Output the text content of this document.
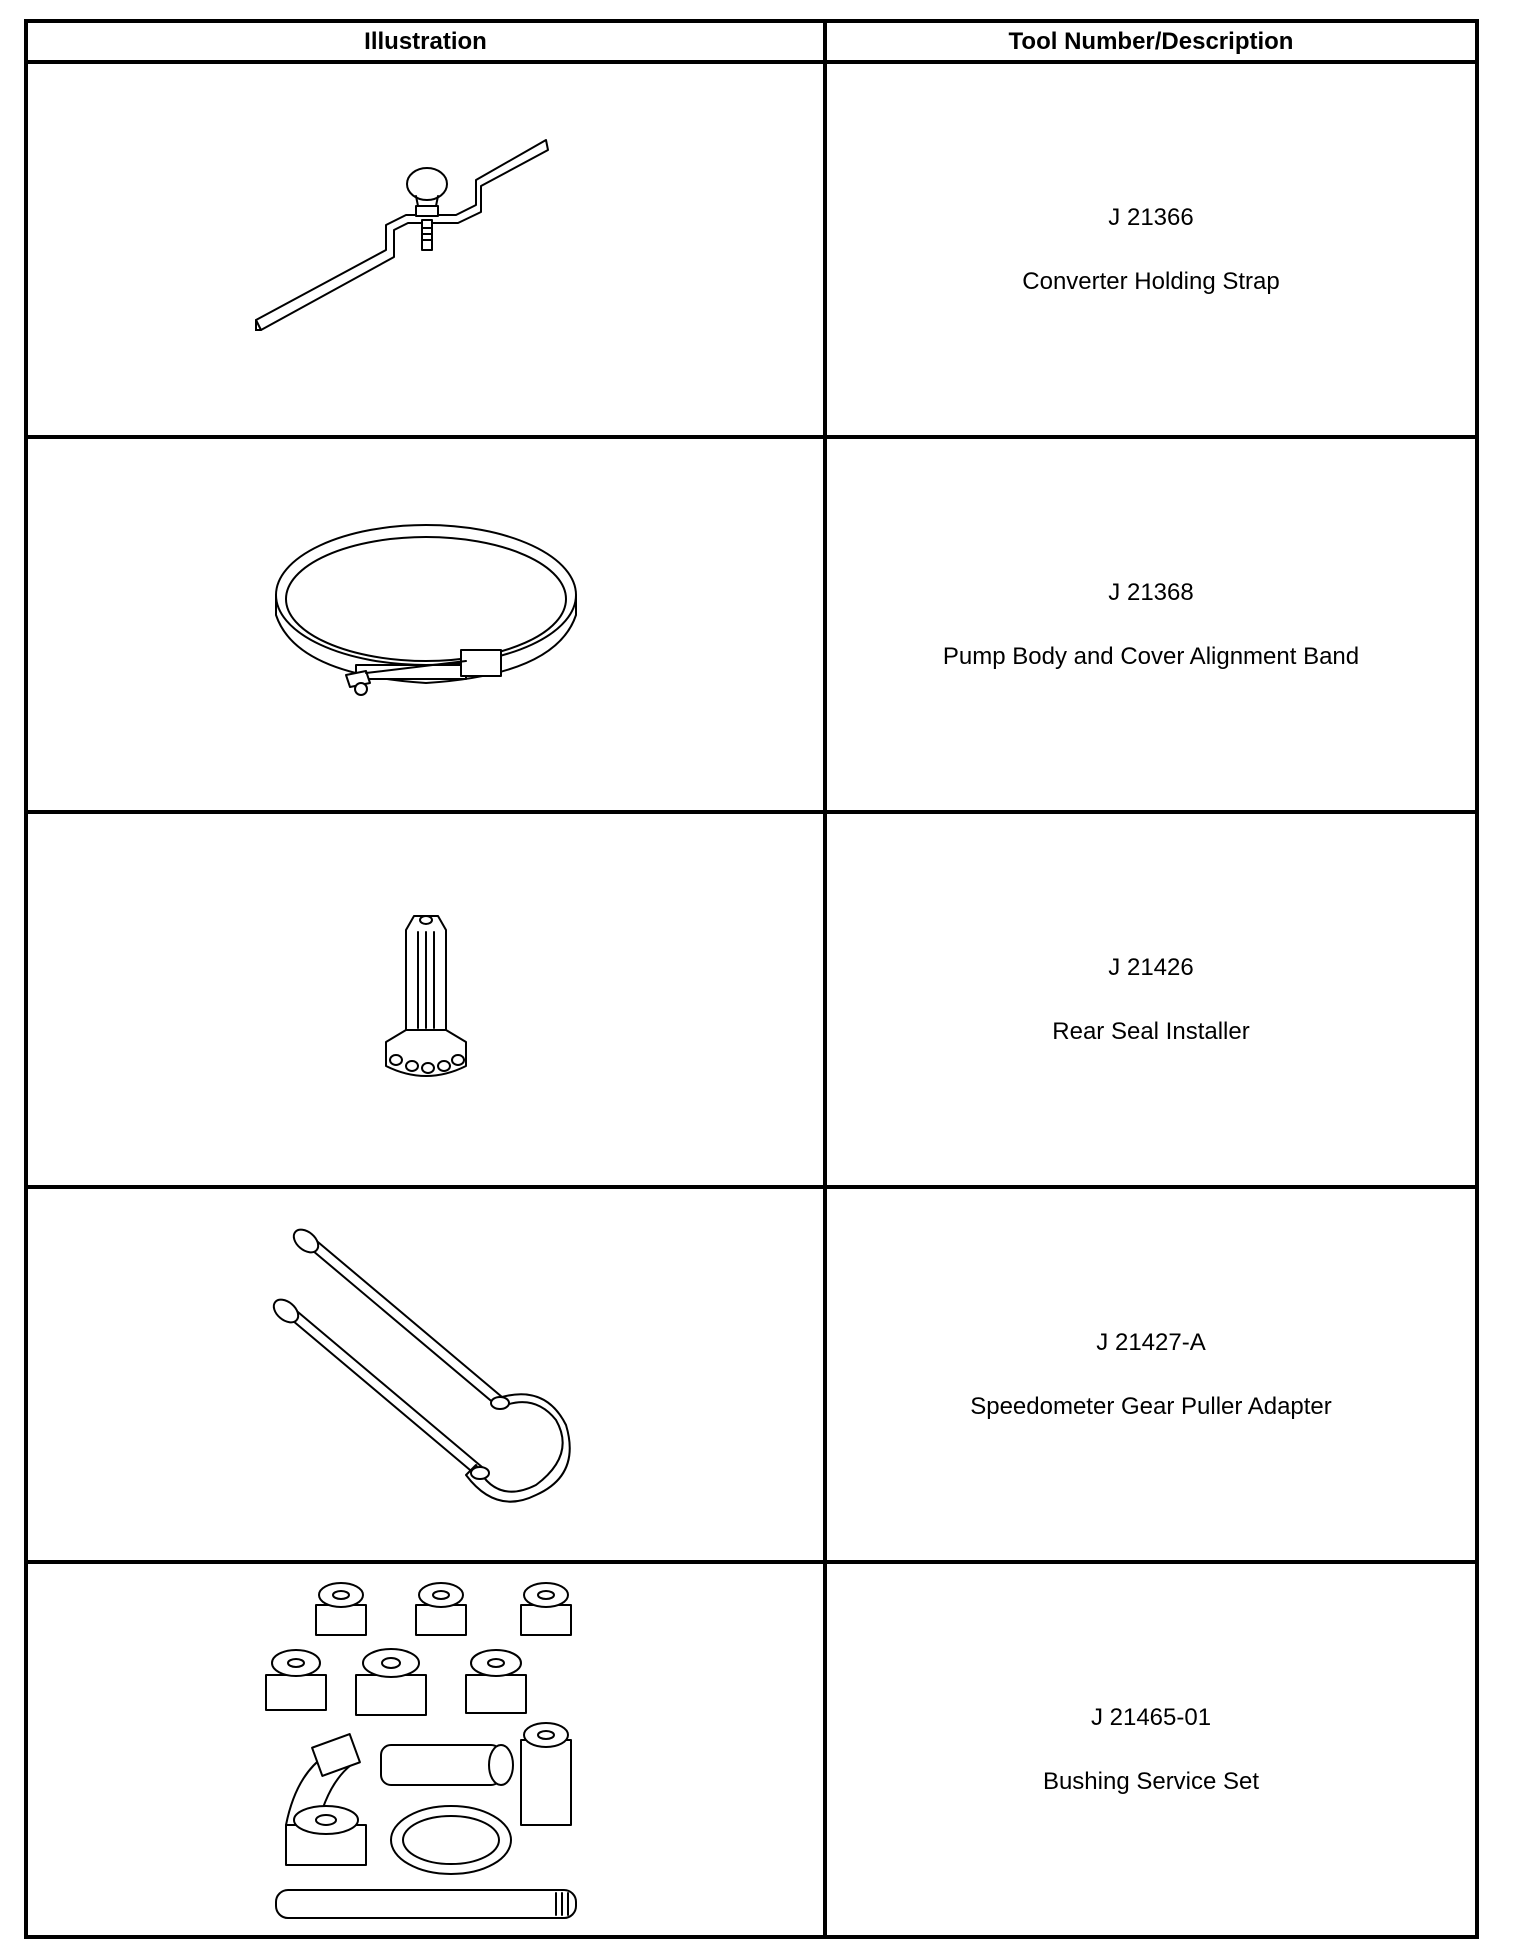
Illustration	Tool Number/Description

J 21366
Converter Holding Strap

J 21368
Pump Body and Cover Alignment Band

J 21426
Rear Seal Installer

J 21427-A
Speedometer Gear Puller Adapter

J 21465-01
Bushing Service Set
